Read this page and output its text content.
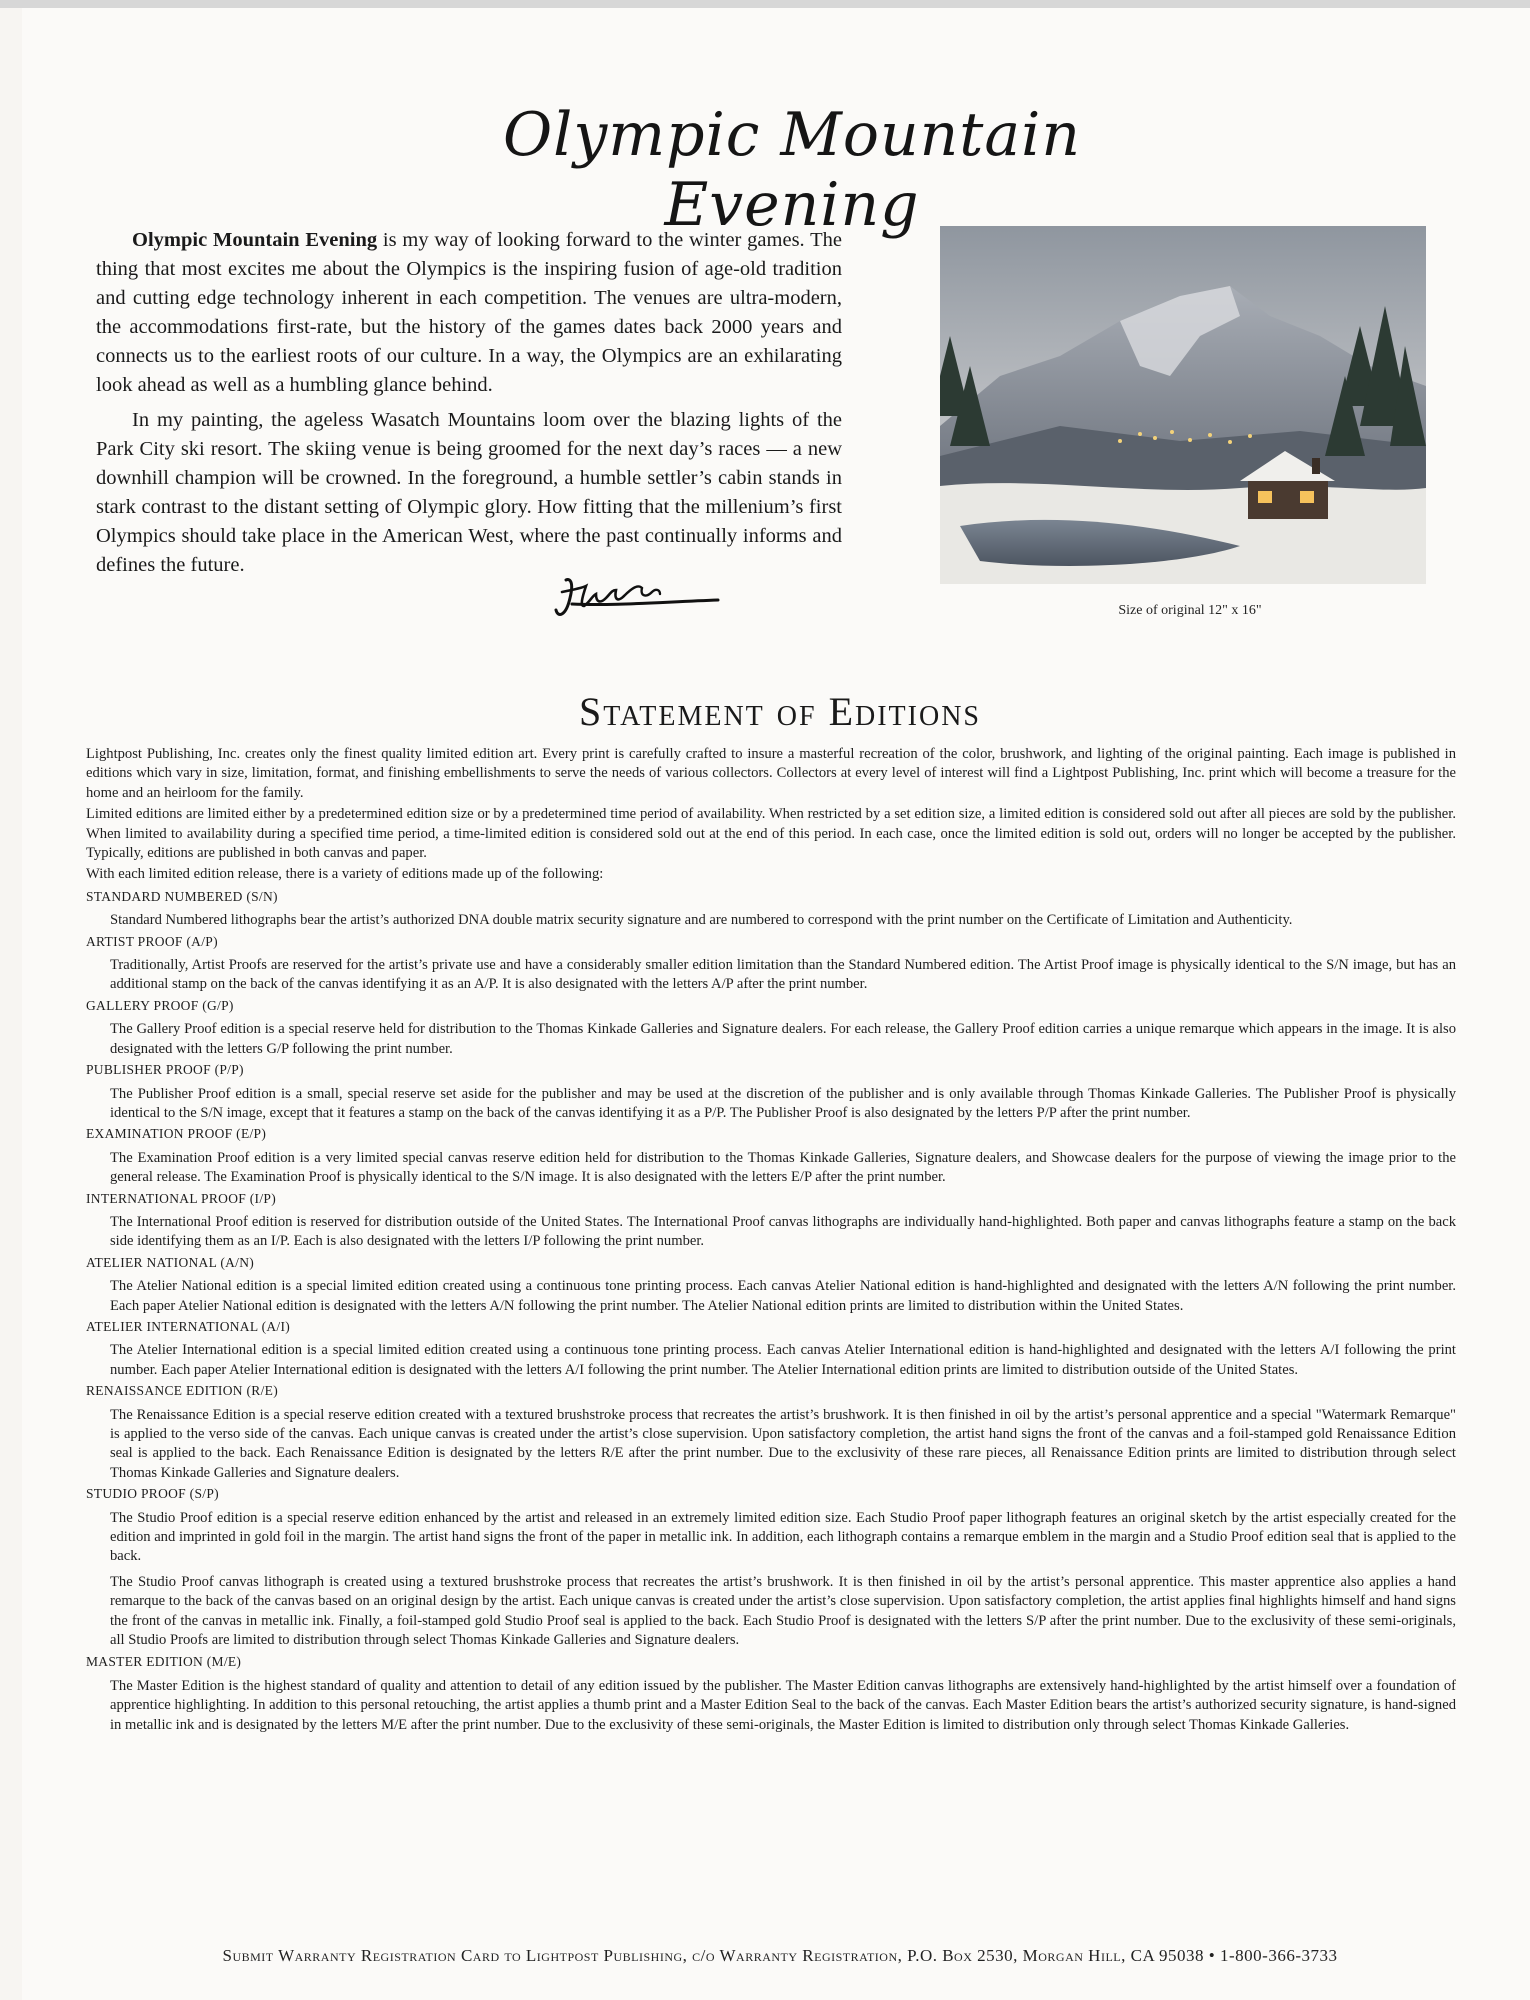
Olympic Mountain Evening

Olympic Mountain Evening is my way of looking forward to the winter games. The thing that most excites me about the Olympics is the inspiring fusion of age-old tradition and cutting edge technology inherent in each competition. The venues are ultra-modern, the accommodations first-rate, but the history of the games dates back 2000 years and connects us to the earliest roots of our culture. In a way, the Olympics are an exhilarating look ahead as well as a humbling glance behind.

In my painting, the ageless Wasatch Mountains loom over the blazing lights of the Park City ski resort. The skiing venue is being groomed for the next day’s races — a new downhill champion will be crowned. In the foreground, a humble settler’s cabin stands in stark contrast to the distant setting of Olympic glory. How fitting that the millenium’s first Olympics should take place in the American West, where the past continually informs and defines the future.

Size of original 12" x 16"
Statement of Editions

Lightpost Publishing, Inc. creates only the finest quality limited edition art. Every print is carefully crafted to insure a masterful recreation of the color, brushwork, and lighting of the original painting. Each image is published in editions which vary in size, limitation, format, and finishing embellishments to serve the needs of various collectors. Collectors at every level of interest will find a Lightpost Publishing, Inc. print which will become a treasure for the home and an heirloom for the family.

Limited editions are limited either by a predetermined edition size or by a predetermined time period of availability. When restricted by a set edition size, a limited edition is considered sold out after all pieces are sold by the publisher. When limited to availability during a specified time period, a time-limited edition is considered sold out at the end of this period. In each case, once the limited edition is sold out, orders will no longer be accepted by the publisher. Typically, editions are published in both canvas and paper.

With each limited edition release, there is a variety of editions made up of the following:

STANDARD NUMBERED (S/N)

Standard Numbered lithographs bear the artist’s authorized DNA double matrix security signature and are numbered to correspond with the print number on the Certificate of Limitation and Authenticity.

ARTIST PROOF (A/P)

Traditionally, Artist Proofs are reserved for the artist’s private use and have a considerably smaller edition limitation than the Standard Numbered edition. The Artist Proof image is physically identical to the S/N image, but has an additional stamp on the back of the canvas identifying it as an A/P. It is also designated with the letters A/P after the print number.

GALLERY PROOF (G/P)

The Gallery Proof edition is a special reserve held for distribution to the Thomas Kinkade Galleries and Signature dealers. For each release, the Gallery Proof edition carries a unique remarque which appears in the image. It is also designated with the letters G/P following the print number.

PUBLISHER PROOF (P/P)

The Publisher Proof edition is a small, special reserve set aside for the publisher and may be used at the discretion of the publisher and is only available through Thomas Kinkade Galleries. The Publisher Proof is physically identical to the S/N image, except that it features a stamp on the back of the canvas identifying it as a P/P. The Publisher Proof is also designated by the letters P/P after the print number.

EXAMINATION PROOF (E/P)

The Examination Proof edition is a very limited special canvas reserve edition held for distribution to the Thomas Kinkade Galleries, Signature dealers, and Showcase dealers for the purpose of viewing the image prior to the general release. The Examination Proof is physically identical to the S/N image. It is also designated with the letters E/P after the print number.

INTERNATIONAL PROOF (I/P)

The International Proof edition is reserved for distribution outside of the United States. The International Proof canvas lithographs are individually hand-highlighted. Both paper and canvas lithographs feature a stamp on the back side identifying them as an I/P. Each is also designated with the letters I/P following the print number.

ATELIER NATIONAL (A/N)

The Atelier National edition is a special limited edition created using a continuous tone printing process. Each canvas Atelier National edition is hand-highlighted and designated with the letters A/N following the print number. Each paper Atelier National edition is designated with the letters A/N following the print number. The Atelier National edition prints are limited to distribution within the United States.

ATELIER INTERNATIONAL (A/I)

The Atelier International edition is a special limited edition created using a continuous tone printing process. Each canvas Atelier International edition is hand-highlighted and designated with the letters A/I following the print number. Each paper Atelier International edition is designated with the letters A/I following the print number. The Atelier International edition prints are limited to distribution outside of the United States.

RENAISSANCE EDITION (R/E)

The Renaissance Edition is a special reserve edition created with a textured brushstroke process that recreates the artist’s brushwork. It is then finished in oil by the artist’s personal apprentice and a special "Watermark Remarque" is applied to the verso side of the canvas. Each unique canvas is created under the artist’s close supervision. Upon satisfactory completion, the artist hand signs the front of the canvas and a foil-stamped gold Renaissance Edition seal is applied to the back. Each Renaissance Edition is designated by the letters R/E after the print number. Due to the exclusivity of these rare pieces, all Renaissance Edition prints are limited to distribution through select Thomas Kinkade Galleries and Signature dealers.

STUDIO PROOF (S/P)

The Studio Proof edition is a special reserve edition enhanced by the artist and released in an extremely limited edition size. Each Studio Proof paper lithograph features an original sketch by the artist especially created for the edition and imprinted in gold foil in the margin. The artist hand signs the front of the paper in metallic ink. In addition, each lithograph contains a remarque emblem in the margin and a Studio Proof edition seal that is applied to the back.

The Studio Proof canvas lithograph is created using a textured brushstroke process that recreates the artist’s brushwork. It is then finished in oil by the artist’s personal apprentice. This master apprentice also applies a hand remarque to the back of the canvas based on an original design by the artist. Each unique canvas is created under the artist’s close supervision. Upon satisfactory completion, the artist applies final highlights himself and hand signs the front of the canvas in metallic ink. Finally, a foil-stamped gold Studio Proof seal is applied to the back. Each Studio Proof is designated with the letters S/P after the print number. Due to the exclusivity of these semi-originals, all Studio Proofs are limited to distribution through select Thomas Kinkade Galleries and Signature dealers.

MASTER EDITION (M/E)

The Master Edition is the highest standard of quality and attention to detail of any edition issued by the publisher. The Master Edition canvas lithographs are extensively hand-highlighted by the artist himself over a foundation of apprentice highlighting. In addition to this personal retouching, the artist applies a thumb print and a Master Edition Seal to the back of the canvas. Each Master Edition bears the artist’s authorized security signature, is hand-signed in metallic ink and is designated by the letters M/E after the print number. Due to the exclusivity of these semi-originals, the Master Edition is limited to distribution only through select Thomas Kinkade Galleries.

Submit Warranty Registration Card to Lightpost Publishing, c/o Warranty Registration, P.O. Box 2530, Morgan Hill, CA 95038 • 1-800-366-3733
